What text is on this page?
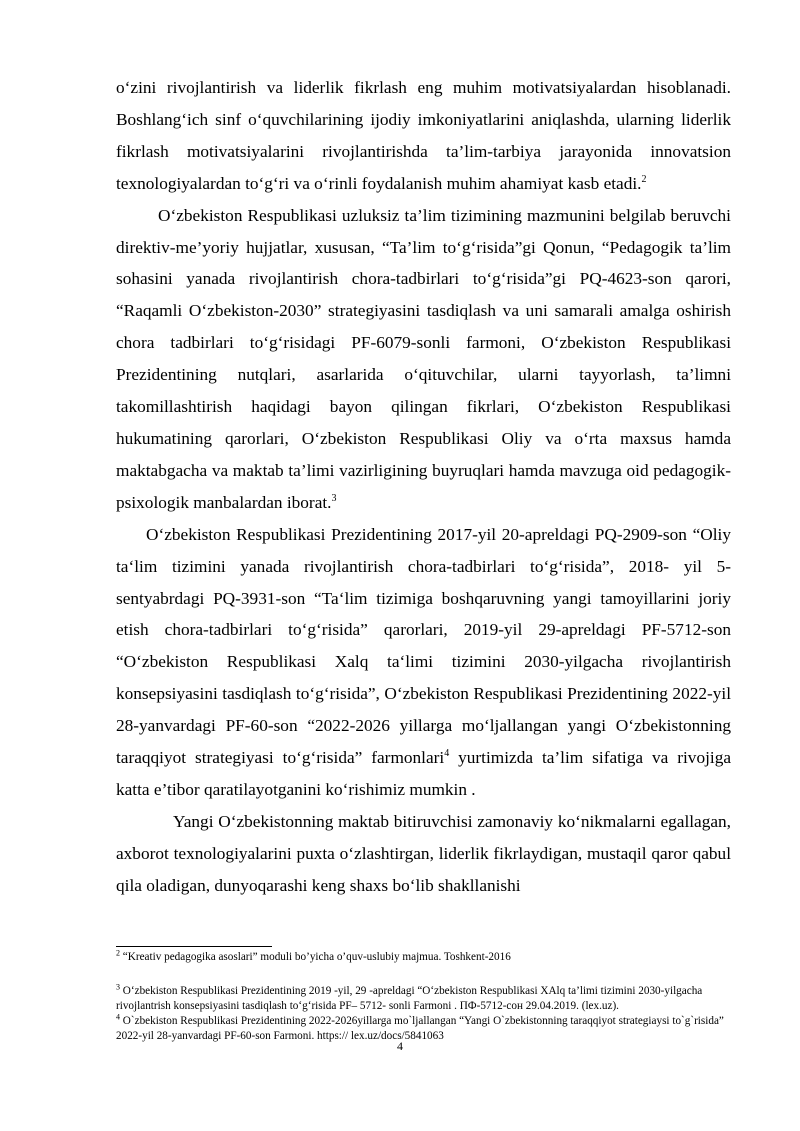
o‘zini rivojlantirish va liderlik fikrlash eng muhim motivatsiyalardan hisoblanadi. Boshlang‘ich sinf o‘quvchilarining ijodiy imkoniyatlarini aniqlashda, ularning liderlik fikrlash motivatsiyalarini rivojlantirishda ta’lim-tarbiya jarayonida innovatsion texnologiyalardan to‘g‘ri va o‘rinli foydalanish muhim ahamiyat kasb etadi.$^2$

O‘zbekiston Respublikasi uzluksiz ta’lim tizimining mazmunini belgilab beruvchi direktiv-me’yoriy hujjatlar, xususan, “Ta’lim to‘g‘risida”gi Qonun, “Pedagogik ta’lim sohasini yanada rivojlantirish chora-tadbirlari to‘g‘risida”gi PQ-4623-son qarori, “Raqamli O‘zbekiston-2030” strategiyasini tasdiqlash va uni samarali amalga oshirish chora tadbirlari to‘g‘risidagi PF-6079-sonli farmoni, O‘zbekiston Respublikasi Prezidentining nutqlari, asarlarida o‘qituvchilar, ularni tayyorlash, ta’limni takomillashtirish haqidagi bayon qilingan fikrlari, O‘zbekiston Respublikasi hukumatining qarorlari, O‘zbekiston Respublikasi Oliy va o‘rta maxsus hamda maktabgacha va maktab ta’limi vazirligining buyruqlari hamda mavzuga oid pedagogik-psixologik manbalardan iborat.$^3$

O‘zbekiston Respublikasi Prezidentining 2017-yil 20-apreldagi PQ-2909-son “Oliy ta‘lim tizimini yanada rivojlantirish chora-tadbirlari to‘g‘risida”, 2018- yil 5-sentyabrdagi PQ-3931-son “Ta‘lim tizimiga boshqaruvning yangi tamoyillarini joriy etish chora-tadbirlari to‘g‘risida” qarorlari, 2019-yil 29-apreldagi PF-5712-son “O‘zbekiston Respublikasi Xalq ta‘limi tizimini 2030-yilgacha rivojlantirish konsepsiyasini tasdiqlash to‘g‘risida”, O‘zbekiston Respublikasi Prezidentining 2022-yil 28-yanvardagi PF-60-son “2022-2026 yillarga mo‘ljallangan yangi O‘zbekistonning taraqqiyot strategiyasi to‘g‘risida” farmonlari$^4$ yurtimizda ta’lim sifatiga va rivojiga katta e’tibor qaratilayotganini ko‘rishimiz mumkin .

Yangi O‘zbekistonning maktab bitiruvchisi zamonaviy ko‘nikmalarni egallagan, axborot texnologiyalarini puxta o‘zlashtirgan, liderlik fikrlaydigan, mustaqil qaror qabul qila oladigan, dunyoqarashi keng shaxs bo‘lib shakllanishi

$^2$ “Kreativ pedagogika asoslari” moduli bo’yicha o’quv-uslubiy majmua. Toshkent-2016

$^3$ O‘zbekiston Respublikasi Prezidentining 2019 -yil, 29 -apreldagi “O‘zbekiston Respublikasi XAlq ta’limi tizimini 2030-yilgacha rivojlantrish konsepsiyasini tasdiqlash to‘g‘risida PF– 5712- sonli Farmoni . ПФ-5712-сон 29.04.2019. (lex.uz).

$^4$ O`zbekiston Respublikasi Prezidentining 2022-2026yillarga mo`ljallangan “Yangi O`zbekistonning taraqqiyot strategiaysi to`g`risida” 2022-yil 28-yanvardagi PF-60-son Farmoni. https:// lex.uz/docs/5841063

4
